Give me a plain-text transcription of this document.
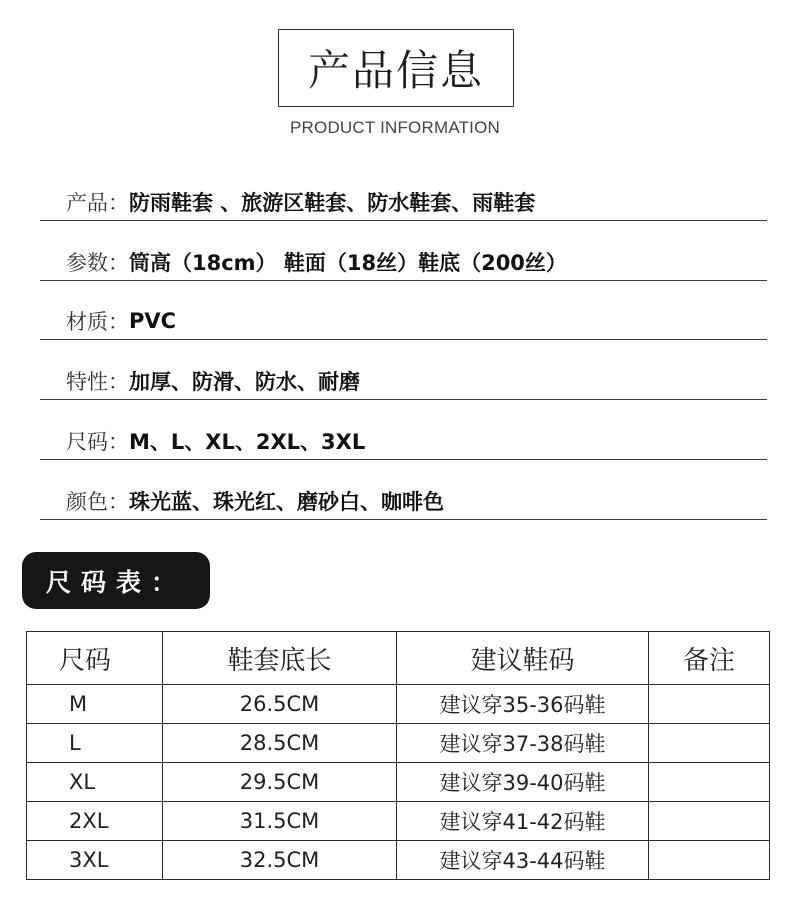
产品信息
PRODUCT INFORMATION
产品： 防雨鞋套 、旅游区鞋套、防水鞋套、雨鞋套
参数： 筒高（18cm） 鞋面（18丝）鞋底（200丝）
材质： PVC
特性： 加厚、防滑、防水、耐磨
尺码： M、L、XL、2XL、3XL
颜色： 珠光蓝、珠光红、磨砂白、咖啡色
尺码表：
尺码	鞋套底长	建议鞋码	备注
M	26.5CM	建议穿35-36码鞋	
L	28.5CM	建议穿37-38码鞋	
XL	29.5CM	建议穿39-40码鞋	
2XL	31.5CM	建议穿41-42码鞋	
3XL	32.5CM	建议穿43-44码鞋	
